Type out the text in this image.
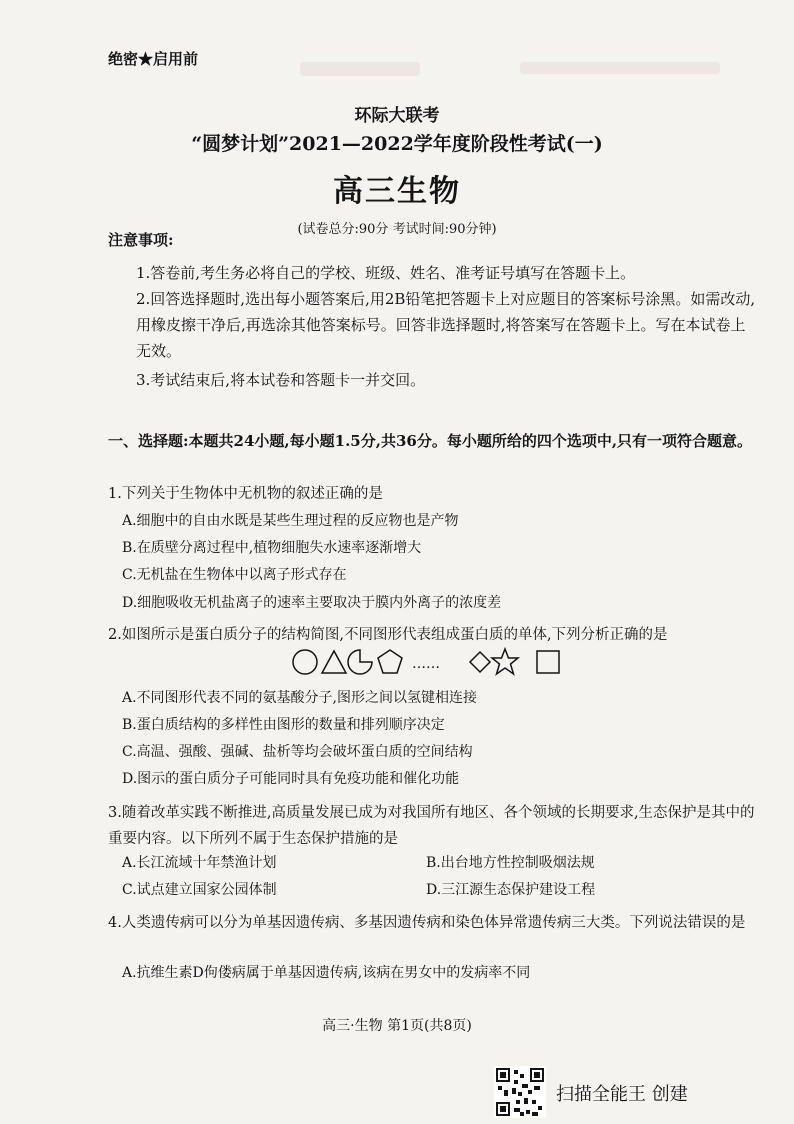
绝密★启用前
环际大联考
“圆梦计划”2021—2022学年度阶段性考试(一)
高三生物
(试卷总分:90分 考试时间:90分钟)
注意事项:
1.答卷前,考生务必将自己的学校、班级、姓名、准考证号填写在答题卡上。
2.回答选择题时,选出每小题答案后,用2B铅笔把答题卡上对应题目的答案标号涂黑。如需改动,用橡皮擦干净后,再选涂其他答案标号。回答非选择题时,将答案写在答题卡上。写在本试卷上无效。
3.考试结束后,将本试卷和答题卡一并交回。
一、选择题:本题共24小题,每小题1.5分,共36分。每小题所给的四个选项中,只有一项符合题意。
1.下列关于生物体中无机物的叙述正确的是
A.细胞中的自由水既是某些生理过程的反应物也是产物
B.在质壁分离过程中,植物细胞失水速率逐渐增大
C.无机盐在生物体中以离子形式存在
D.细胞吸收无机盐离子的速率主要取决于膜内外离子的浓度差
2.如图所示是蛋白质分子的结构简图,不同图形代表组成蛋白质的单体,下列分析正确的是
……
A.不同图形代表不同的氨基酸分子,图形之间以氢键相连接
B.蛋白质结构的多样性由图形的数量和排列顺序决定
C.高温、强酸、强碱、盐析等均会破坏蛋白质的空间结构
D.图示的蛋白质分子可能同时具有免疫功能和催化功能
3.随着改革实践不断推进,高质量发展已成为对我国所有地区、各个领域的长期要求,生态保护是其中的重要内容。以下所列不属于生态保护措施的是
A.长江流域十年禁渔计划	B.出台地方性控制吸烟法规
C.试点建立国家公园体制	D.三江源生态保护建设工程
4.人类遗传病可以分为单基因遗传病、多基因遗传病和染色体异常遗传病三大类。下列说法错误的是
A.抗维生素D佝偻病属于单基因遗传病,该病在男女中的发病率不同
高三·生物 第1页(共8页)
扫描全能王 创建
